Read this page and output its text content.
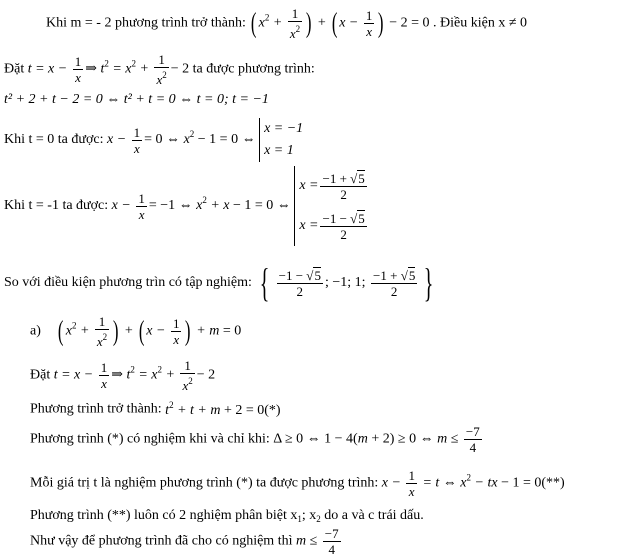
Khi m = - 2 phương trình trở thành: ( $x^2 + \frac{1}{x^2}$ ) + ( $x - \frac{1}{x}$ ) − 2 = 0 . Điều kiện x ≠ 0
Đặt $t = x - \frac{1}{x}$ ⇒ $t^2 = x^2 + \frac{1}{x^2} - 2$ ta được phương trình:
t² + 2 + t − 2 = 0 ⇔ t² + t = 0 ⇔ t = 0; t = −1
Khi t = 0 ta được: $x - \frac{1}{x} = 0$ ⇔ $x^2 - 1 = 0$ ⇔
x = −1
x = 1
Khi t = -1 ta được: $x - \frac{1}{x} = -1$ ⇔ $x^2 + x - 1 = 0$ ⇔
$x = \frac{-1 + √5}{2}$
$x = \frac{-1 - √5}{2}$
So với điều kiện phương trìn có tập nghiệm: { $\frac{-1 - √5}{2}$ ; −1; 1; $\frac{-1 + √5}{2}$ }
a) ( $x^2 + \frac{1}{x^2}$ ) + ( $x - \frac{1}{x}$ ) + m = 0
Đặt $t = x - \frac{1}{x}$ ⇒ $t^2 = x^2 + \frac{1}{x^2} - 2$
Phương trình trở thành: $t^2 + t + m + 2 = 0(*)$
Phương trình (*) có nghiệm khi và chỉ khi: Δ ≥ 0 ⇔ 1 − 4(m + 2) ≥ 0 ⇔ $m \le \frac{-7}{4}$
Mỗi giá trị t là nghiệm phương trình (*) ta được phương trình: $x - \frac{1}{x} = t$ ⇔ $x^2$ − tx − 1 = 0(**)
Phương trình (**) luôn có 2 nghiệm phân biệt $x_1$; $x_2$ do a và c trái dấu.
Như vậy để phương trình đã cho có nghiệm thì $m \le \frac{-7}{4}$
